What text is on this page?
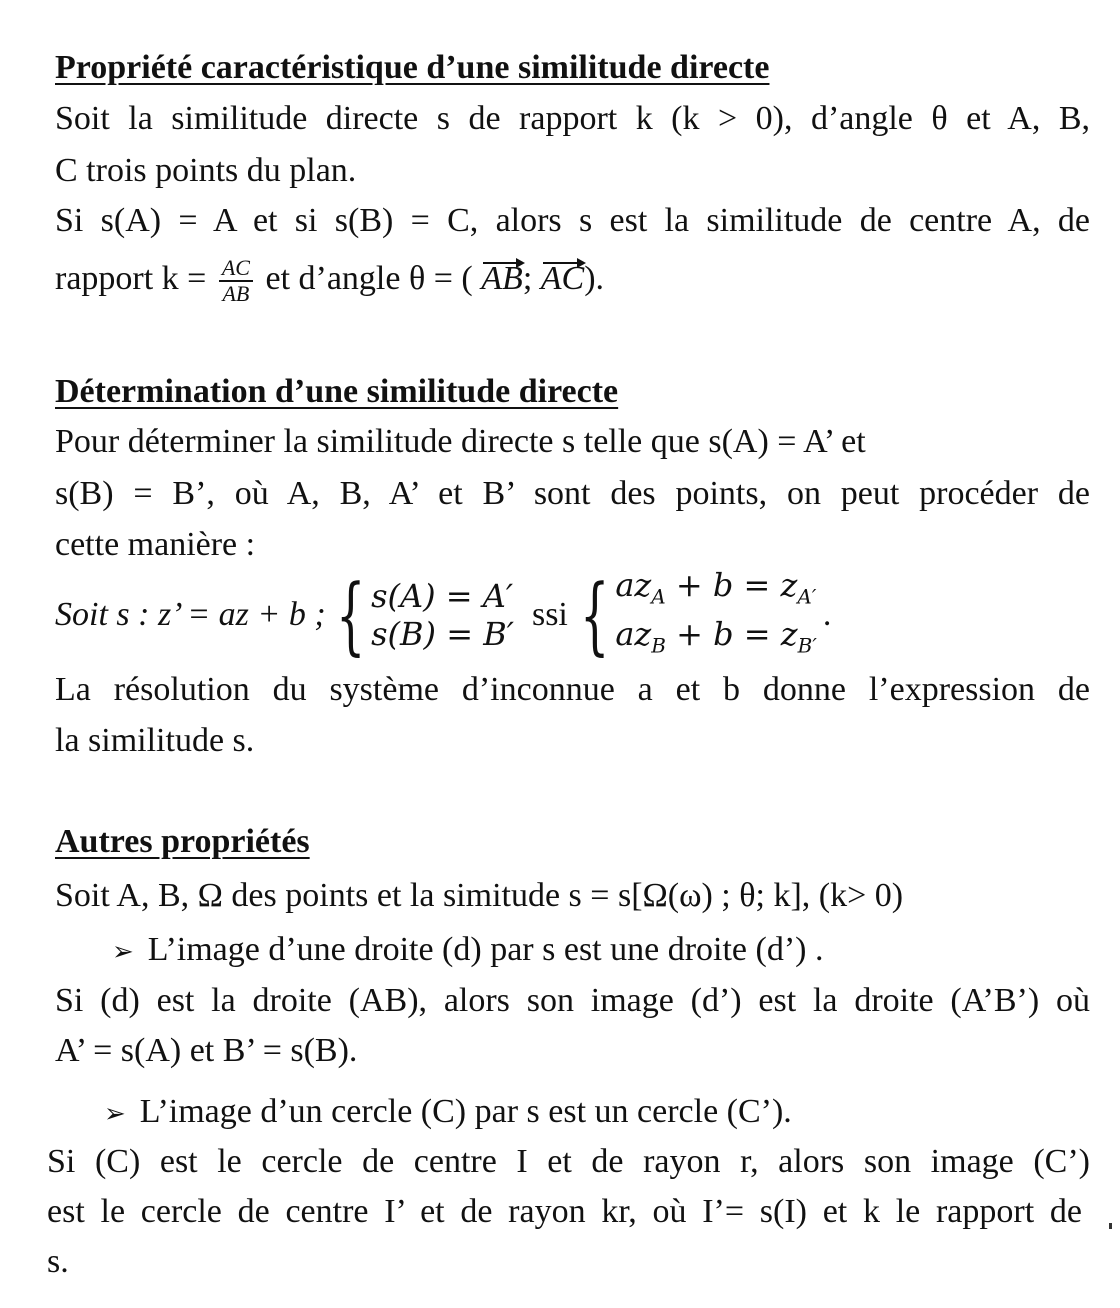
Propriété caractéristique d’une similitude directe
Soit la similitude directe s de rapport k (k > 0), d’angle θ et A, B,
C trois points du plan.
Si s(A) = A et si s(B) = C, alors s est la similitude de centre A, de
rapport $k = \frac{AC}{AB}$ et d’angle θ = ( AB; AC).
Détermination d’une similitude directe
Pour déterminer la similitude directe s telle que s(A) = A’ et
s(B) = B’, où A, B, A’ et B’ sont des points, on peut procéder de
cette manière :
Soit s : z’ = az + b ; { s(A) = A′
s(B) = B′
ssi { $az_A + b = z_{A'}$
$az_B + b = z_{B'}$
.
La résolution du système d’inconnue a et b donne l’expression de
la similitude s.
Autres propriétés
Soit A, B, Ω des points et la simitude s = s[Ω(ω) ; θ; k], (k> 0)
➢ L’image d’une droite (d) par s est une droite (d’) .
Si (d) est la droite (AB), alors son image (d’) est la droite (A’B’) où
A’ = s(A) et B’ = s(B).
➢ L’image d’un cercle (C) par s est un cercle (C’).
Si (C) est le cercle de centre I et de rayon r, alors son image (C’)
est le cercle de centre I’ et de rayon kr, où I’= s(I) et k le rapport de
s.
